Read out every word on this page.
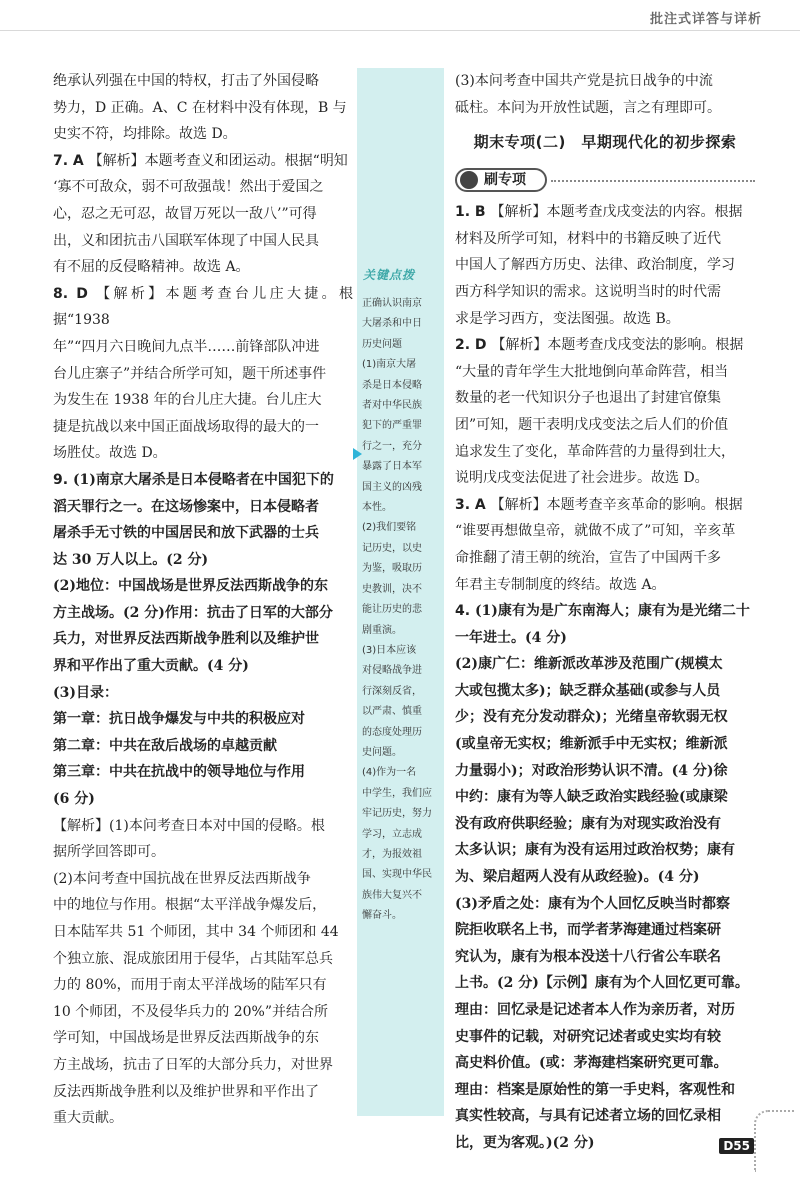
批注式详答与详析

绝承认列强在中国的特权，打击了外国侵略

势力，D 正确。A、C 在材料中没有体现，B 与

史实不符，均排除。故选 D。

7. A 【解析】本题考查义和团运动。根据“明知

‘寡不可敌众，弱不可敌强哉！然出于爱国之

心，忍之无可忍，故冒万死以一敌八’”可得

出，义和团抗击八国联军体现了中国人民具

有不屈的反侵略精神。故选 A。

8. D 【解析】本题考查台儿庄大捷。根据“1938

年”“四月六日晚间九点半……前锋部队冲进

台儿庄寨子”并结合所学可知，题干所述事件

为发生在 1938 年的台儿庄大捷。台儿庄大

捷是抗战以来中国正面战场取得的最大的一

场胜仗。故选 D。

9. (1)南京大屠杀是日本侵略者在中国犯下的

滔天罪行之一。在这场惨案中，日本侵略者

屠杀手无寸铁的中国居民和放下武器的士兵

达 30 万人以上。(2 分)

(2)地位：中国战场是世界反法西斯战争的东

方主战场。(2 分)作用：抗击了日军的大部分

兵力，对世界反法西斯战争胜利以及维护世

界和平作出了重大贡献。(4 分)

(3)目录：

第一章：抗日战争爆发与中共的积极应对

第二章：中共在敌后战场的卓越贡献

第三章：中共在抗战中的领导地位与作用

(6 分)

【解析】(1)本问考查日本对中国的侵略。根

据所学回答即可。

(2)本问考查中国抗战在世界反法西斯战争

中的地位与作用。根据“太平洋战争爆发后，

日本陆军共 51 个师团，其中 34 个师团和 44

个独立旅、混成旅团用于侵华，占其陆军总兵

力的 80%，而用于南太平洋战场的陆军只有

10 个师团，不及侵华兵力的 20%”并结合所

学可知，中国战场是世界反法西斯战争的东

方主战场，抗击了日军的大部分兵力，对世界

反法西斯战争胜利以及维护世界和平作出了

重大贡献。

关键点拨

正确认识南京

大屠杀和中日

历史问题

(1)南京大屠

杀是日本侵略

者对中华民族

犯下的严重罪

行之一，充分

暴露了日本军

国主义的凶残

本性。

(2)我们要铭

记历史，以史

为鉴，吸取历

史教训，决不

能让历史的悲

剧重演。

(3)日本应该

对侵略战争进

行深刻反省，

以严肃、慎重

的态度处理历

史问题。

(4)作为一名

中学生，我们应

牢记历史，努力

学习，立志成

才，为报效祖

国、实现中华民

族伟大复兴不

懈奋斗。

(3)本问考查中国共产党是抗日战争的中流

砥柱。本问为开放性试题，言之有理即可。

期末专项(二)　早期现代化的初步探索

刷专项

1. B 【解析】本题考查戊戌变法的内容。根据

材料及所学可知，材料中的书籍反映了近代

中国人了解西方历史、法律、政治制度，学习

西方科学知识的需求。这说明当时的时代需

求是学习西方，变法图强。故选 B。

2. D 【解析】本题考查戊戌变法的影响。根据

“大量的青年学生大批地倒向革命阵营，相当

数量的老一代知识分子也退出了封建官僚集

团”可知，题干表明戊戌变法之后人们的价值

追求发生了变化，革命阵营的力量得到壮大，

说明戊戌变法促进了社会进步。故选 D。

3. A 【解析】本题考查辛亥革命的影响。根据

“谁要再想做皇帝，就做不成了”可知，辛亥革

命推翻了清王朝的统治，宣告了中国两千多

年君主专制制度的终结。故选 A。

4. (1)康有为是广东南海人；康有为是光绪二十

一年进士。(4 分)

(2)康广仁：维新派改革涉及范围广(规模太

大或包揽太多)；缺乏群众基础(或参与人员

少；没有充分发动群众)；光绪皇帝软弱无权

(或皇帝无实权；维新派手中无实权；维新派

力量弱小)；对政治形势认识不清。(4 分)徐

中约：康有为等人缺乏政治实践经验(或康梁

没有政府供职经验；康有为对现实政治没有

太多认识；康有为没有运用过政治权势；康有

为、梁启超两人没有从政经验)。(4 分)

(3)矛盾之处：康有为个人回忆反映当时都察

院拒收联名上书，而学者茅海建通过档案研

究认为，康有为根本没送十八行省公车联名

上书。(2 分)【示例】康有为个人回忆更可靠。

理由：回忆录是记述者本人作为亲历者，对历

史事件的记载，对研究记述者或史实均有较

高史料价值。(或：茅海建档案研究更可靠。

理由：档案是原始性的第一手史料，客观性和

真实性较高，与具有记述者立场的回忆录相

比，更为客观。)(2 分)	D55
